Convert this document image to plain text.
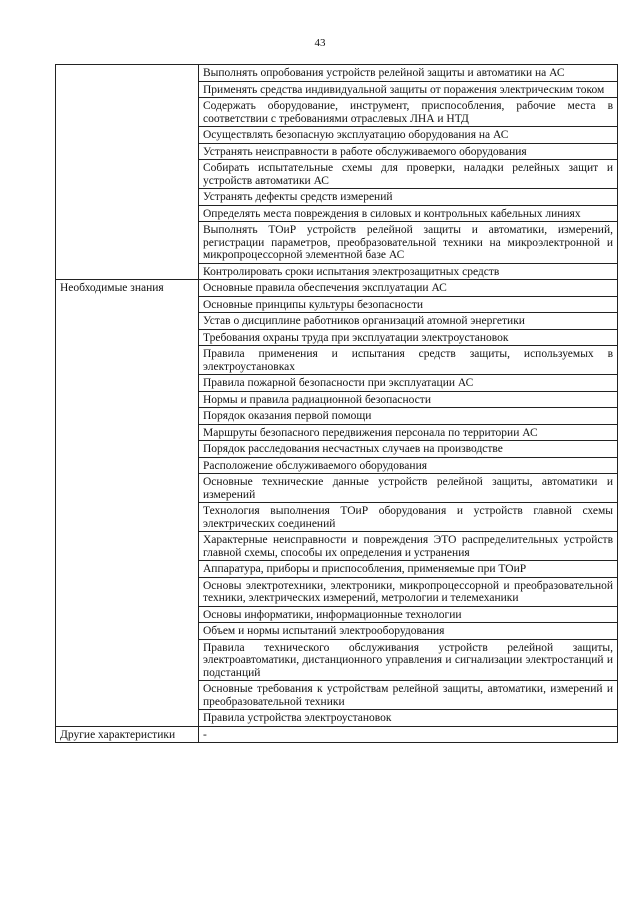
43
	Выполнять опробования устройств релейной защиты и автоматики на АС
	Применять средства индивидуальной защиты от поражения электрическим током
	Содержать оборудование, инструмент, приспособления, рабочие места в соответствии с требованиями отраслевых ЛНА и НТД
	Осуществлять безопасную эксплуатацию оборудования на АС
	Устранять неисправности в работе обслуживаемого оборудования
	Собирать испытательные схемы для проверки, наладки релейных защит и устройств автоматики АС
	Устранять дефекты средств измерений
	Определять места повреждения в силовых и контрольных кабельных линиях
	Выполнять ТОиР устройств релейной защиты и автоматики, измерений, регистрации параметров, преобразовательной техники на микроэлектронной и микропроцессорной элементной базе АС
	Контролировать сроки испытания электрозащитных средств
Необходимые знания	Основные правила обеспечения эксплуатации АС
	Основные принципы культуры безопасности
	Устав о дисциплине работников организаций атомной энергетики
	Требования охраны труда при эксплуатации электроустановок
	Правила применения и испытания средств защиты, используемых в электроустановках
	Правила пожарной безопасности при эксплуатации АС
	Нормы и правила радиационной безопасности
	Порядок оказания первой помощи
	Маршруты безопасного передвижения персонала по территории АС
	Порядок расследования несчастных случаев на производстве
	Расположение обслуживаемого оборудования
	Основные технические данные устройств релейной защиты, автоматики и измерений
	Технология выполнения ТОиР оборудования и устройств главной схемы электрических соединений
	Характерные неисправности и повреждения ЭТО распределительных устройств главной схемы, способы их определения и устранения
	Аппаратура, приборы и приспособления, применяемые при ТОиР
	Основы электротехники, электроники, микропроцессорной и преобразовательной техники, электрических измерений, метрологии и телемеханики
	Основы информатики, информационные технологии
	Объем и нормы испытаний электрооборудования
	Правила технического обслуживания устройств релейной защиты, электроавтоматики, дистанционного управления и сигнализации электростанций и подстанций
	Основные требования к устройствам релейной защиты, автоматики, измерений и преобразовательной техники
	Правила устройства электроустановок
Другие характеристики	-
